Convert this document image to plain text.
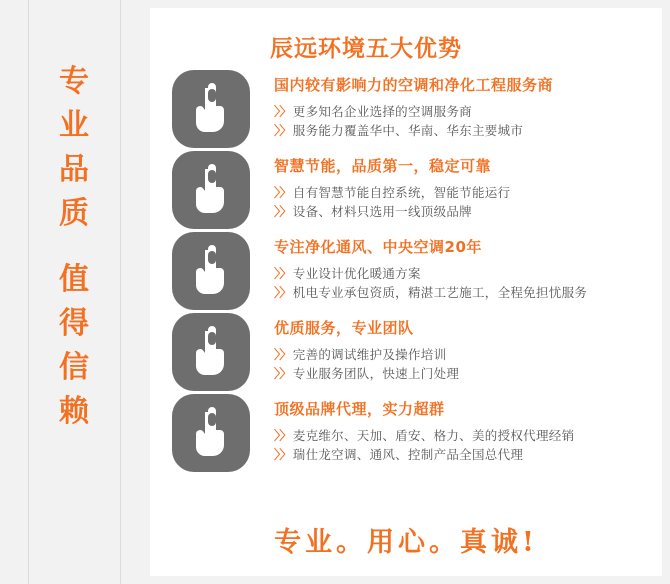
专业 品质
值得 信赖
辰远环境五大优势
国内较有影响力的空调和净化工程服务商
〉〉 更多知名企业选择的空调服务商
〉〉 服务能力覆盖华中、华南、华东主要城市
智慧节能，品质第一，稳定可靠
〉〉 自有智慧节能自控系统，智能节能运行
〉〉 设备、材料只选用一线顶级品牌
专注净化通风、中央空调20年
〉〉 专业设计优化暖通方案
〉〉 机电专业承包资质，精湛工艺施工，全程免担忧服务
优质服务，专业团队
〉〉 完善的调试维护及操作培训
〉〉 专业服务团队，快速上门处理
顶级品牌代理，实力超群
〉〉 麦克维尔、天加、盾安、格力、美的授权代理经销
〉〉 瑞仕龙空调、通风、控制产品全国总代理
专业。用心。真诚!
